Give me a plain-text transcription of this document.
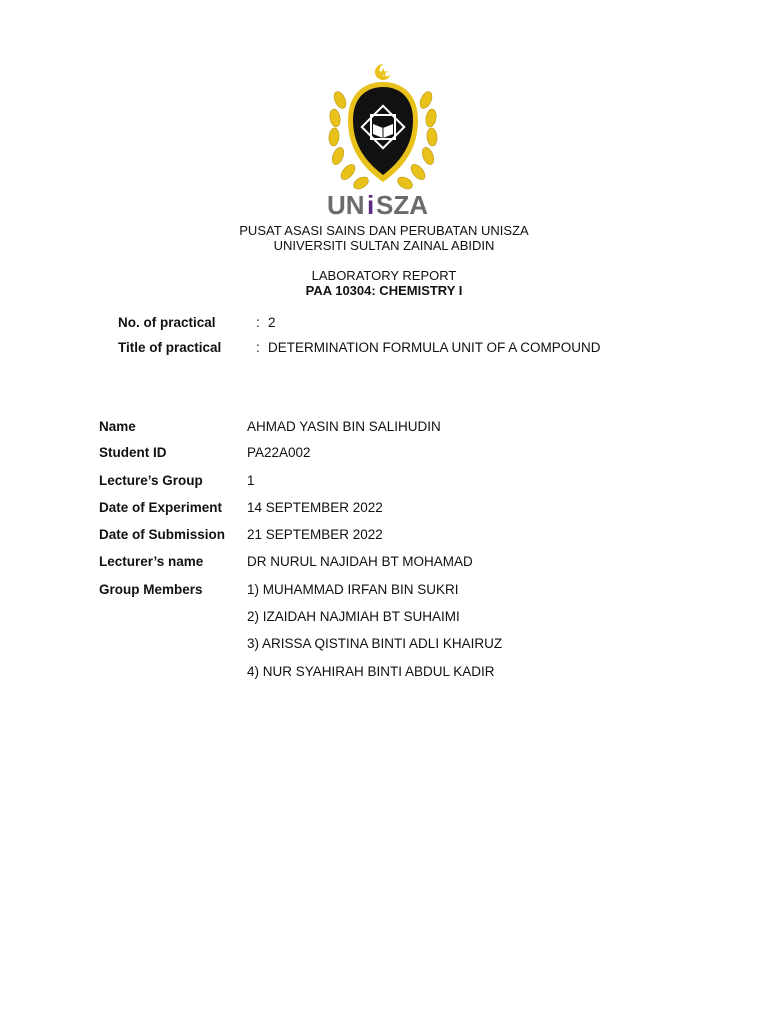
UN i SZA
PUSAT ASASI SAINS DAN PERUBATAN UNISZA
UNIVERSITI SULTAN ZAINAL ABIDIN
LABORATORY REPORT
PAA 10304: CHEMISTRY I
No. of practical	: 2
Title of practical	: DETERMINATION FORMULA UNIT OF A COMPOUND
Name	AHMAD YASIN BIN SALIHUDIN
Student ID	PA22A002
Lecture’s Group	1
Date of Experiment 14 SEPTEMBER 2022
Date of Submission 21 SEPTEMBER 2022
Lecturer’s name	DR NURUL NAJIDAH BT MOHAMAD
Group Members	1) MUHAMMAD IRFAN BIN SUKRI
2) IZAIDAH NAJMIAH BT SUHAIMI
3) ARISSA QISTINA BINTI ADLI KHAIRUZ
4) NUR SYAHIRAH BINTI ABDUL KADIR
